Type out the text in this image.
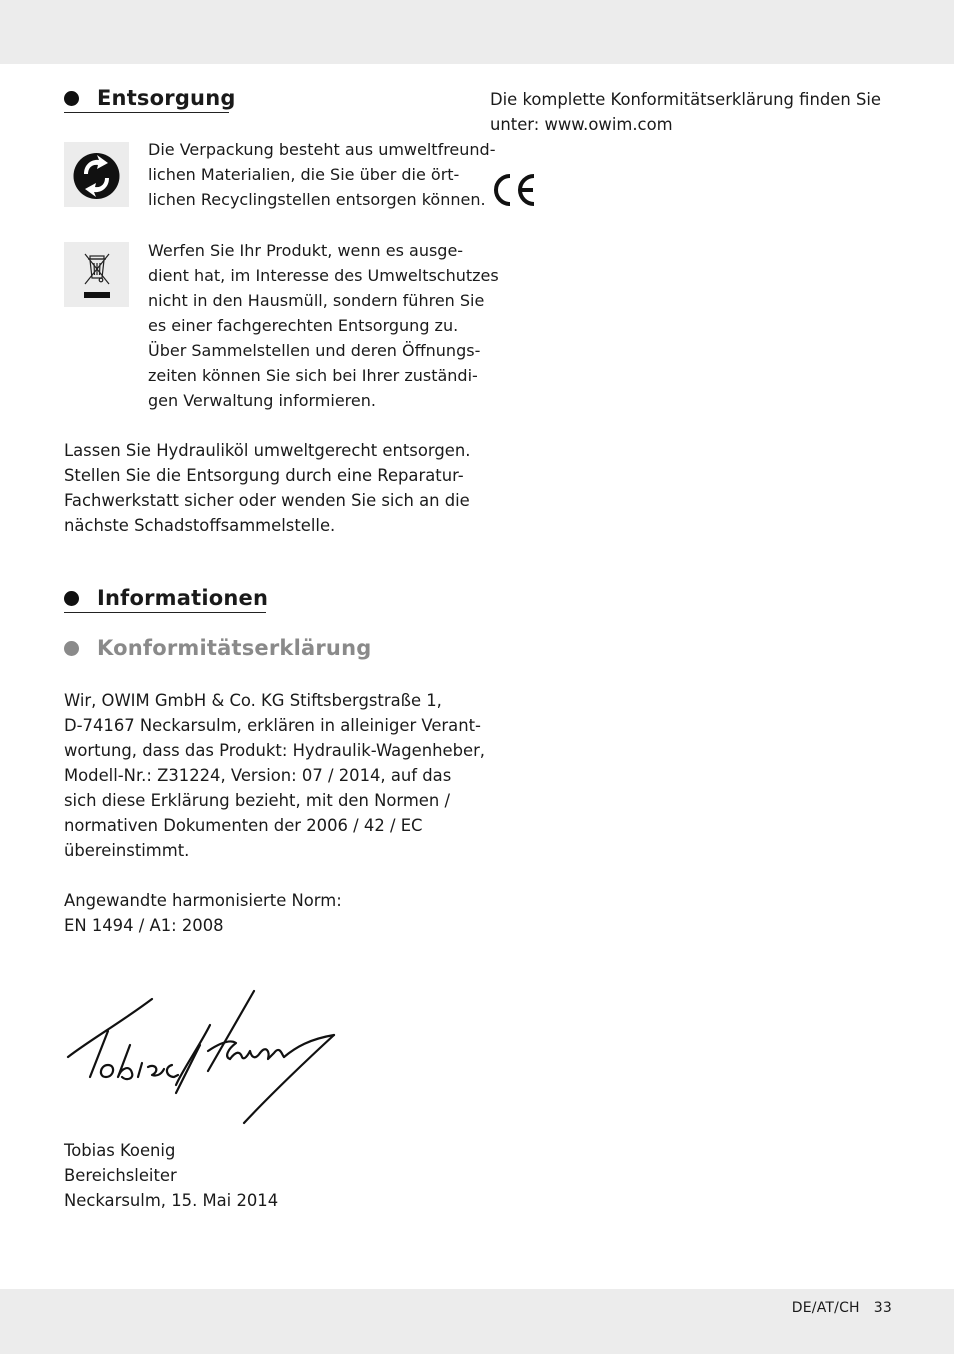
Entsorgung
Die Verpackung besteht aus umweltfreund-
lichen Materialien, die Sie über die ört-
lichen Recyclingstellen entsorgen können.
Werfen Sie Ihr Produkt, wenn es ausge-
dient hat, im Interesse des Umweltschutzes
nicht in den Hausmüll, sondern führen Sie
es einer fachgerechten Entsorgung zu.
Über Sammelstellen und deren Öffnungs-
zeiten können Sie sich bei Ihrer zuständi-
gen Verwaltung informieren.
Lassen Sie Hydrauliköl umweltgerecht entsorgen.
Stellen Sie die Entsorgung durch eine Reparatur-
Fachwerkstatt sicher oder wenden Sie sich an die
nächste Schadstoffsammelstelle.
Informationen
Konformitätserklärung
Wir, OWIM GmbH & Co. KG Stiftsbergstraße 1,
D-74167 Neckarsulm, erklären in alleiniger Verant-
wortung, dass das Produkt: Hydraulik-Wagenheber,
Modell-Nr.: Z31224, Version: 07 / 2014, auf das
sich diese Erklärung bezieht, mit den Normen /
normativen Dokumenten der 2006 / 42 / EC
übereinstimmt.
Angewandte harmonisierte Norm:
EN 1494 / A1: 2008
Tobias Koenig
Bereichsleiter
Neckarsulm, 15. Mai 2014
Die komplette Konformitätserklärung finden Sie
unter: www.owim.com
DE/AT/CH 33
